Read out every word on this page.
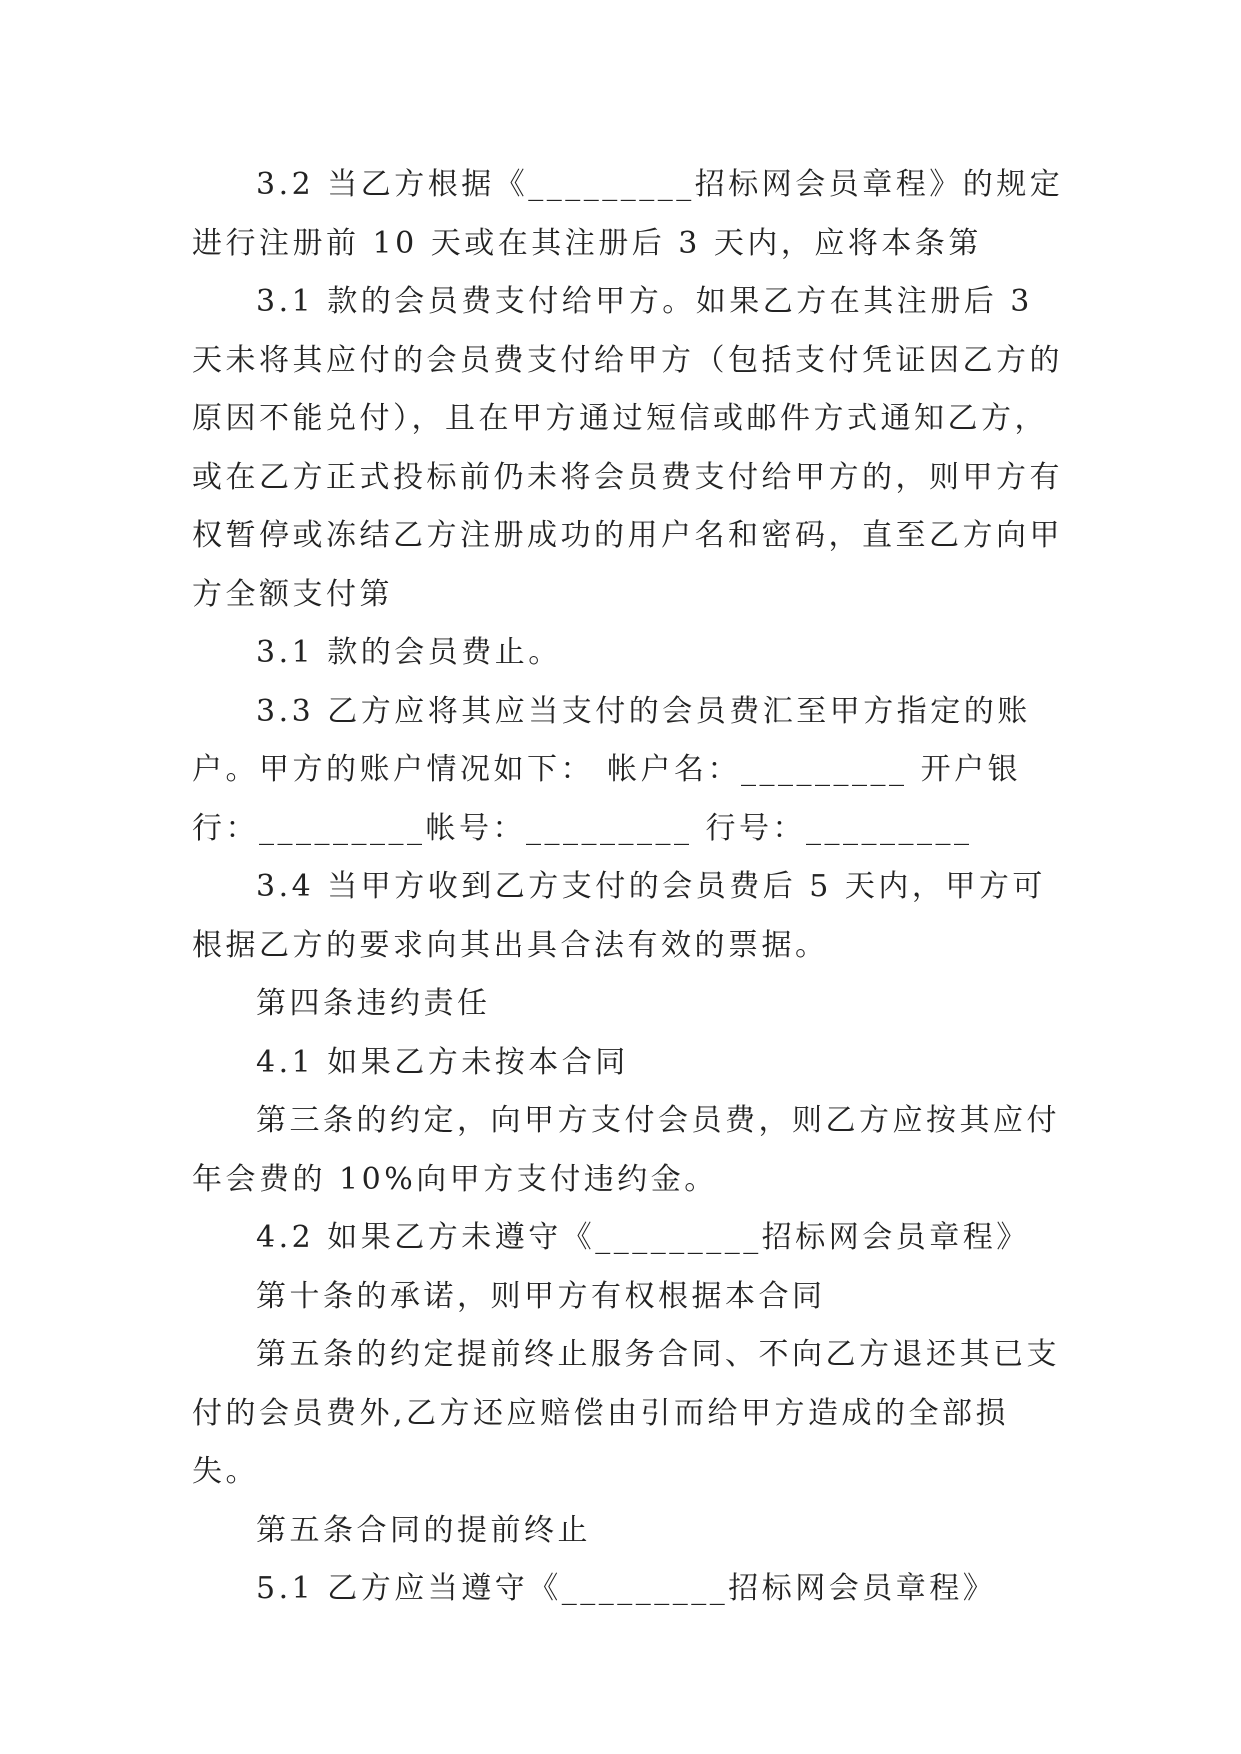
3.2 当乙方根据《_________招标网会员章程》的规定进行注册前 10 天或在其注册后 3 天内，应将本条第

3.1 款的会员费支付给甲方。如果乙方在其注册后 3 天未将其应付的会员费支付给甲方（包括支付凭证因乙方的原因不能兑付），且在甲方通过短信或邮件方式通知乙方，或在乙方正式投标前仍未将会员费支付给甲方的，则甲方有权暂停或冻结乙方注册成功的用户名和密码，直至乙方向甲方全额支付第

3.1 款的会员费止。

3.3 乙方应将其应当支付的会员费汇至甲方指定的账户。甲方的账户情况如下： 帐户名：_________ 开户银行：_________帐号：_________ 行号：_________

3.4 当甲方收到乙方支付的会员费后 5 天内，甲方可根据乙方的要求向其出具合法有效的票据。

第四条违约责任

4.1 如果乙方未按本合同

第三条的约定，向甲方支付会员费，则乙方应按其应付年会费的 10%向甲方支付违约金。

4.2 如果乙方未遵守《_________招标网会员章程》

第十条的承诺，则甲方有权根据本合同

第五条的约定提前终止服务合同、不向乙方退还其已支付的会员费外,乙方还应赔偿由引而给甲方造成的全部损失。

第五条合同的提前终止

5.1 乙方应当遵守《_________招标网会员章程》
